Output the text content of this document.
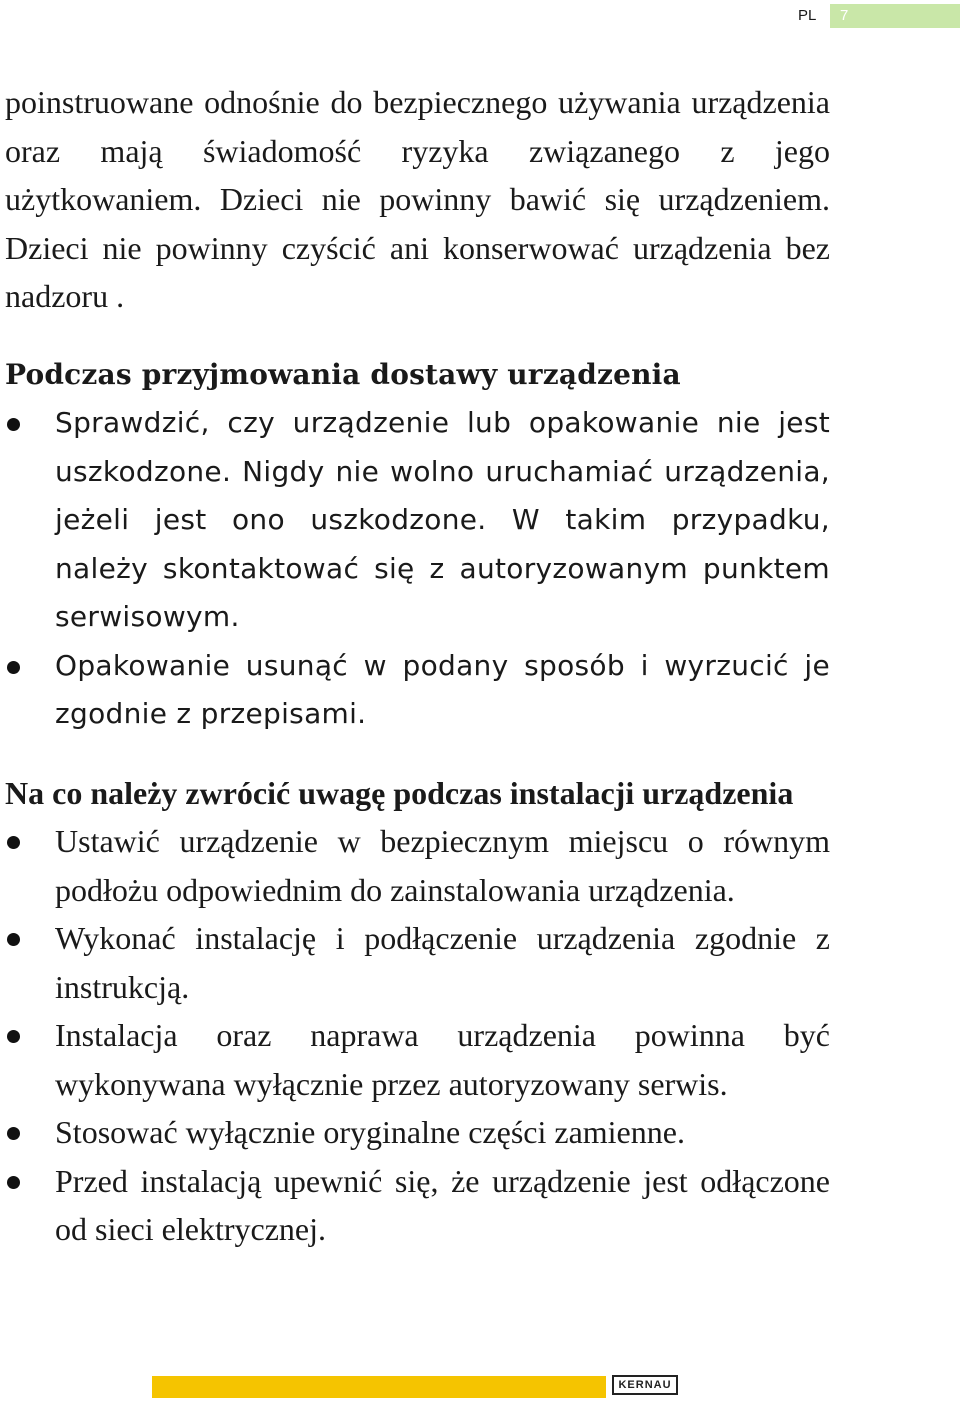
PL 7

poinstruowane odnośnie do bezpiecznego używania urządzenia oraz mają świadomość ryzyka związanego z jego użytkowaniem. Dzieci nie powinny bawić się urządzeniem. Dzieci nie powinny czyścić ani konserwować urządzenia bez nadzoru .

Podczas przyjmowania dostawy urządzenia

Sprawdzić, czy urządzenie lub opakowanie nie jest uszkodzone. Nigdy nie wolno uruchamiać urządzenia, jeżeli jest ono uszkodzone. W takim przypadku, należy skontaktować się z autoryzowanym punktem serwisowym.
Opakowanie usunąć w podany sposób i wyrzucić je zgodnie z przepisami.

Na co należy zwrócić uwagę podczas instalacji urządzenia

Ustawić urządzenie w bezpiecznym miejscu o równym podłożu odpowiednim do zainstalowania urządzenia.
Wykonać instalację i podłączenie urządzenia zgodnie z instrukcją.
Instalacja oraz naprawa urządzenia powinna być wykonywana wyłącznie przez autoryzowany serwis.
Stosować wyłącznie oryginalne części zamienne.
Przed instalacją upewnić się, że urządzenie jest odłączone od sieci elektrycznej.
KERNAU
